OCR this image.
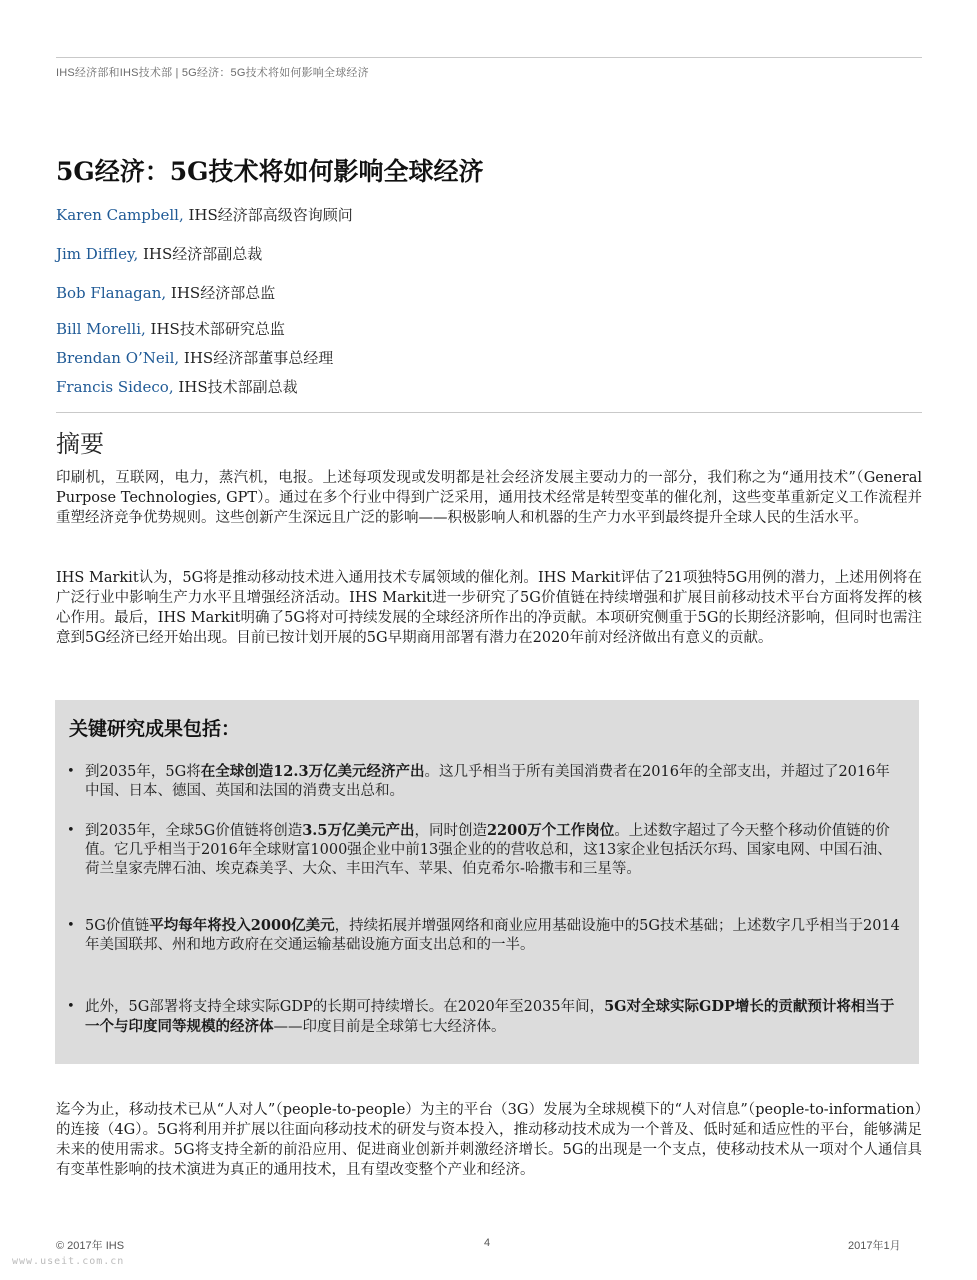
IHS经济部和IHS技术部 | 5G经济：5G技术将如何影响全球经济
5G经济：5G技术将如何影响全球经济
Karen Campbell, IHS经济部高级咨询顾问
Jim Diffley, IHS经济部副总裁
Bob Flanagan, IHS经济部总监
Bill Morelli, IHS技术部研究总监
Brendan O’Neil, IHS经济部董事总经理
Francis Sideco, IHS技术部副总裁
摘要

印刷机，互联网，电力，蒸汽机，电报。上述每项发现或发明都是社会经济发展主要动力的一部分，我们称之为“通用技术”（General Purpose Technologies, GPT）。通过在多个行业中得到广泛采用，通用技术经常是转型变革的催化剂，这些变革重新定义工作流程并重塑经济竞争优势规则。这些创新产生深远且广泛的影响——积极影响人和机器的生产力水平到最终提升全球人民的生活水平。

IHS Markit认为，5G将是推动移动技术进入通用技术专属领域的催化剂。IHS Markit评估了21项独特5G用例的潜力，上述用例将在广泛行业中影响生产力水平且增强经济活动。IHS Markit进一步研究了5G价值链在持续增强和扩展目前移动技术平台方面将发挥的核心作用。最后，IHS Markit明确了5G将对可持续发展的全球经济所作出的净贡献。本项研究侧重于5G的长期经济影响，但同时也需注意到5G经济已经开始出现。目前已按计划开展的5G早期商用部署有潜力在2020年前对经济做出有意义的贡献。

关键研究成果包括：
• 到2035年，5G将在全球创造12.3万亿美元经济产出。这几乎相当于所有美国消费者在2016年的全部支出，并超过了2016年中国、日本、德国、英国和法国的消费支出总和。
• 到2035年，全球5G价值链将创造3.5万亿美元产出，同时创造2200万个工作岗位。上述数字超过了今天整个移动价值链的价值。它几乎相当于2016年全球财富1000强企业中前13强企业的的营收总和，这13家企业包括沃尔玛、国家电网、中国石油、荷兰皇家壳牌石油、埃克森美孚、大众、丰田汽车、苹果、伯克希尔-哈撒韦和三星等。
• 5G价值链平均每年将投入2000亿美元，持续拓展并增强网络和商业应用基础设施中的5G技术基础；上述数字几乎相当于2014年美国联邦、州和地方政府在交通运输基础设施方面支出总和的一半。
• 此外，5G部署将支持全球实际GDP的长期可持续增长。在2020年至2035年间，5G对全球实际GDP增长的贡献预计将相当于一个与印度同等规模的经济体——印度目前是全球第七大经济体。

迄今为止，移动技术已从“人对人”（people-to-people）为主的平台（3G）发展为全球规模下的“人对信息”（people-to-information）的连接（4G）。5G将利用并扩展以往面向移动技术的研发与资本投入，推动移动技术成为一个普及、低时延和适应性的平台，能够满足未来的使用需求。5G将支持全新的前沿应用、促进商业创新并刺激经济增长。5G的出现是一个支点，使移动技术从一项对个人通信具有变革性影响的技术演进为真正的通用技术，且有望改变整个产业和经济。

© 2017年 IHS	4	2017年1月
www.useit.com.cn
